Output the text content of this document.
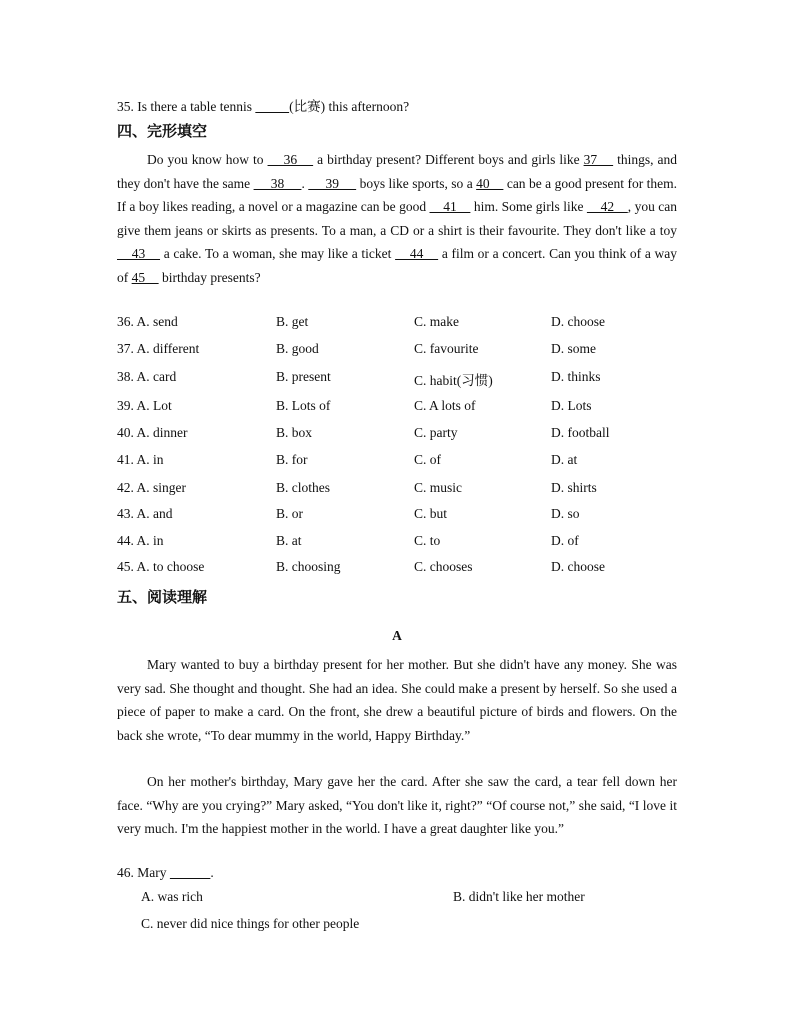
35. Is there a table tennis	(比赛) this afternoon?
四、完形填空

Do you know how to     36     a birthday present? Different boys and girls like 37     things, and they don't have the same      38     .      39      boys like sports, so a 40     can be a good present for them. If a boy likes reading, a novel or a magazine can be good     41     him. Some girls like     42    , you can give them jeans or skirts as presents. To a man, a CD or a shirt is their favourite. They don't like a toy     43     a cake. To a woman, she may like a ticket     44     a film or a concert. Can you think of a way of 45     birthday presents?

36. A. send	B. get	C. make	D. choose
37. A. different	B. good	C. favourite	D. some
38. A. card	B. present	C. habit(习惯)	D. thinks
39. A. Lot	B. Lots of	C. A lots of	D. Lots
40. A. dinner	B. box	C. party	D. football
41. A. in	B. for	C. of	D. at
42. A. singer	B. clothes	C. music	D. shirts
43. A. and	B. or	C. but	D. so
44. A. in	B. at	C. to	D. of
45. A. to choose	B. choosing	C. chooses	D. choose
五、阅读理解
A

Mary wanted to buy a birthday present for her mother. But she didn't have any money. She was very sad. She thought and thought. She had an idea. She could make a present by herself. So she used a piece of paper to make a card. On the front, she drew a beautiful picture of birds and flowers. On the back she wrote, “To dear mummy in the world, Happy Birthday.”

On her mother's birthday, Mary gave her the card. After she saw the card, a tear fell down her face. “Why are you crying?” Mary asked, “You don't like it, right?” “Of course not,” she said, “I love it very much. I'm the happiest mother in the world. I have a great daughter like you.”

46. Mary	.
A. was rich	B. didn't like her mother
C. never did nice things for other people
